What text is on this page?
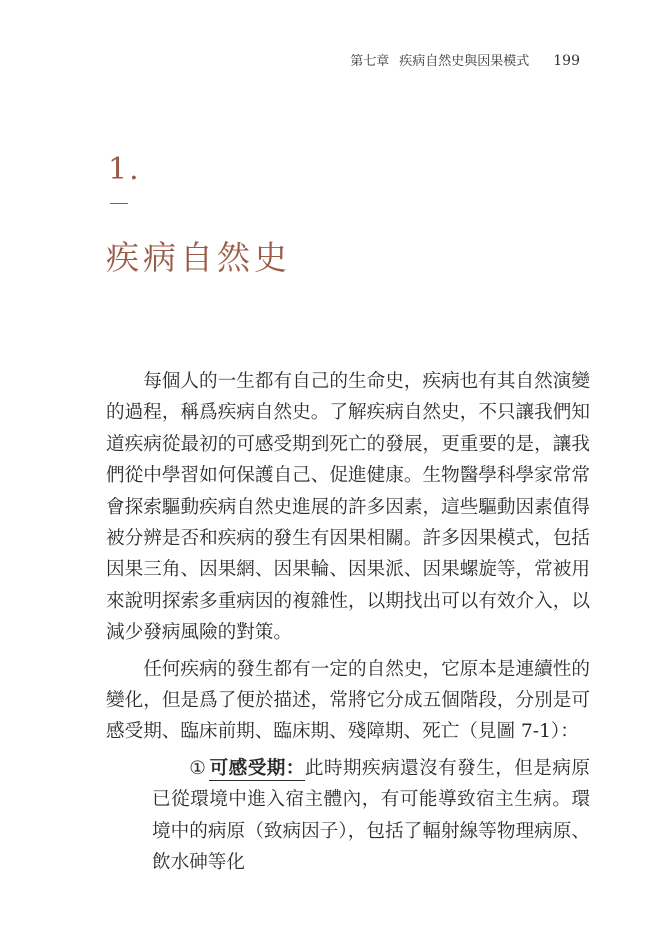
第七章 疾病自然史與因果模式 199
1.
疾病自然史

每個人的一生都有自己的生命史，疾病也有其自然演變的過程，稱爲疾病自然史。了解疾病自然史，不只讓我們知道疾病從最初的可感受期到死亡的發展，更重要的是，讓我們從中學習如何保護自己、促進健康。生物醫學科學家常常會探索驅動疾病自然史進展的許多因素，這些驅動因素值得被分辨是否和疾病的發生有因果相關。許多因果模式，包括因果三角、因果網、因果輪、因果派、因果螺旋等，常被用來說明探索多重病因的複雜性，以期找出可以有效介入，以減少發病風險的對策。

任何疾病的發生都有一定的自然史，它原本是連續性的變化，但是爲了便於描述，常將它分成五個階段，分別是可感受期、臨床前期、臨床期、殘障期、死亡（見圖 7-1）：

① 可感受期：此時期疾病還沒有發生，但是病原已從環境中進入宿主體內，有可能導致宿主生病。環境中的病原（致病因子），包括了輻射線等物理病原、飲水砷等化
